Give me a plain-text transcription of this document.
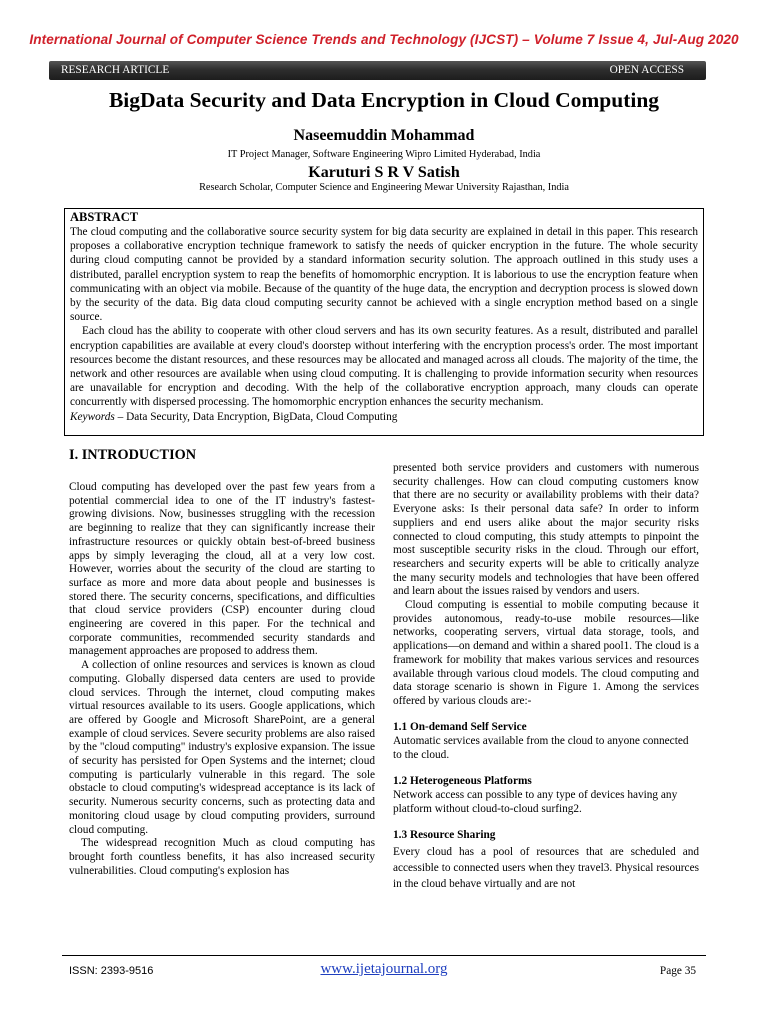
International Journal of Computer Science Trends and Technology (IJCST) – Volume 7 Issue 4, Jul-Aug 2020
RESEARCH ARTICLE	OPEN ACCESS
BigData Security and Data Encryption in Cloud Computing
Naseemuddin Mohammad
IT Project Manager, Software Engineering Wipro Limited Hyderabad, India
Karuturi S R V Satish
Research Scholar, Computer Science and Engineering Mewar University Rajasthan, India
ABSTRACT

The cloud computing and the collaborative source security system for big data security are explained in detail in this paper. This research proposes a collaborative encryption technique framework to satisfy the needs of quicker encryption in the future. The whole security during cloud computing cannot be provided by a standard information security solution. The approach outlined in this study uses a distributed, parallel encryption system to reap the benefits of homomorphic encryption. It is laborious to use the encryption feature when communicating with an object via mobile. Because of the quantity of the huge data, the encryption and decryption process is slowed down by the security of the data. Big data cloud computing security cannot be achieved with a single encryption method based on a single source.

Each cloud has the ability to cooperate with other cloud servers and has its own security features. As a result, distributed and parallel encryption capabilities are available at every cloud's doorstep without interfering with the encryption process's order. The most important resources become the distant resources, and these resources may be allocated and managed across all clouds. The majority of the time, the network and other resources are available when using cloud computing. It is challenging to provide information security when resources are unavailable for encryption and decoding. With the help of the collaborative encryption approach, many clouds can operate concurrently with dispersed processing. The homomorphic encryption enhances the security mechanism.

Keywords – Data Security, Data Encryption, BigData, Cloud Computing

I. INTRODUCTION

Cloud computing has developed over the past few years from a potential commercial idea to one of the IT industry's fastest-growing divisions. Now, businesses struggling with the recession are beginning to realize that they can significantly increase their infrastructure resources or quickly obtain best-of-breed business apps by simply leveraging the cloud, all at a very low cost. However, worries about the security of the cloud are starting to surface as more and more data about people and businesses is stored there. The security concerns, specifications, and difficulties that cloud service providers (CSP) encounter during cloud engineering are covered in this paper. For the technical and corporate communities, recommended security standards and management approaches are proposed to address them.

A collection of online resources and services is known as cloud computing. Globally dispersed data centers are used to provide cloud services. Through the internet, cloud computing makes virtual resources available to its users. Google applications, which are offered by Google and Microsoft SharePoint, are a general example of cloud services. Severe security problems are also raised by the "cloud computing" industry's explosive expansion. The issue of security has persisted for Open Systems and the internet; cloud computing is particularly vulnerable in this regard. The sole obstacle to cloud computing's widespread acceptance is its lack of security. Numerous security concerns, such as protecting data and monitoring cloud usage by cloud computing providers, surround cloud computing.

The widespread recognition Much as cloud computing has brought forth countless benefits, it has also increased security vulnerabilities. Cloud computing's explosion has

presented both service providers and customers with numerous security challenges. How can cloud computing customers know that there are no security or availability problems with their data? Everyone asks: Is their personal data safe? In order to inform suppliers and end users alike about the major security risks connected to cloud computing, this study attempts to pinpoint the most susceptible security risks in the cloud. Through our effort, researchers and security experts will be able to critically analyze the many security models and technologies that have been offered and learn about the issues raised by vendors and users.

Cloud computing is essential to mobile computing because it provides autonomous, ready-to-use mobile resources—like networks, cooperating servers, virtual data storage, tools, and applications—on demand and within a shared pool1. The cloud is a framework for mobility that makes various services and resources available through various cloud models. The cloud computing and data storage scenario is shown in Figure 1. Among the services offered by various clouds are:-

1.1 On-demand Self Service

Automatic services available from the cloud to anyone connected to the cloud.

1.2 Heterogeneous Platforms

Network access can possible to any type of devices having any platform without cloud-to-cloud surfing2.

1.3 Resource Sharing

Every cloud has a pool of resources that are scheduled and accessible to connected users when they travel3. Physical resources in the cloud behave virtually and are not

ISSN: 2393-9516	www.ijetajournal.org	Page 35
